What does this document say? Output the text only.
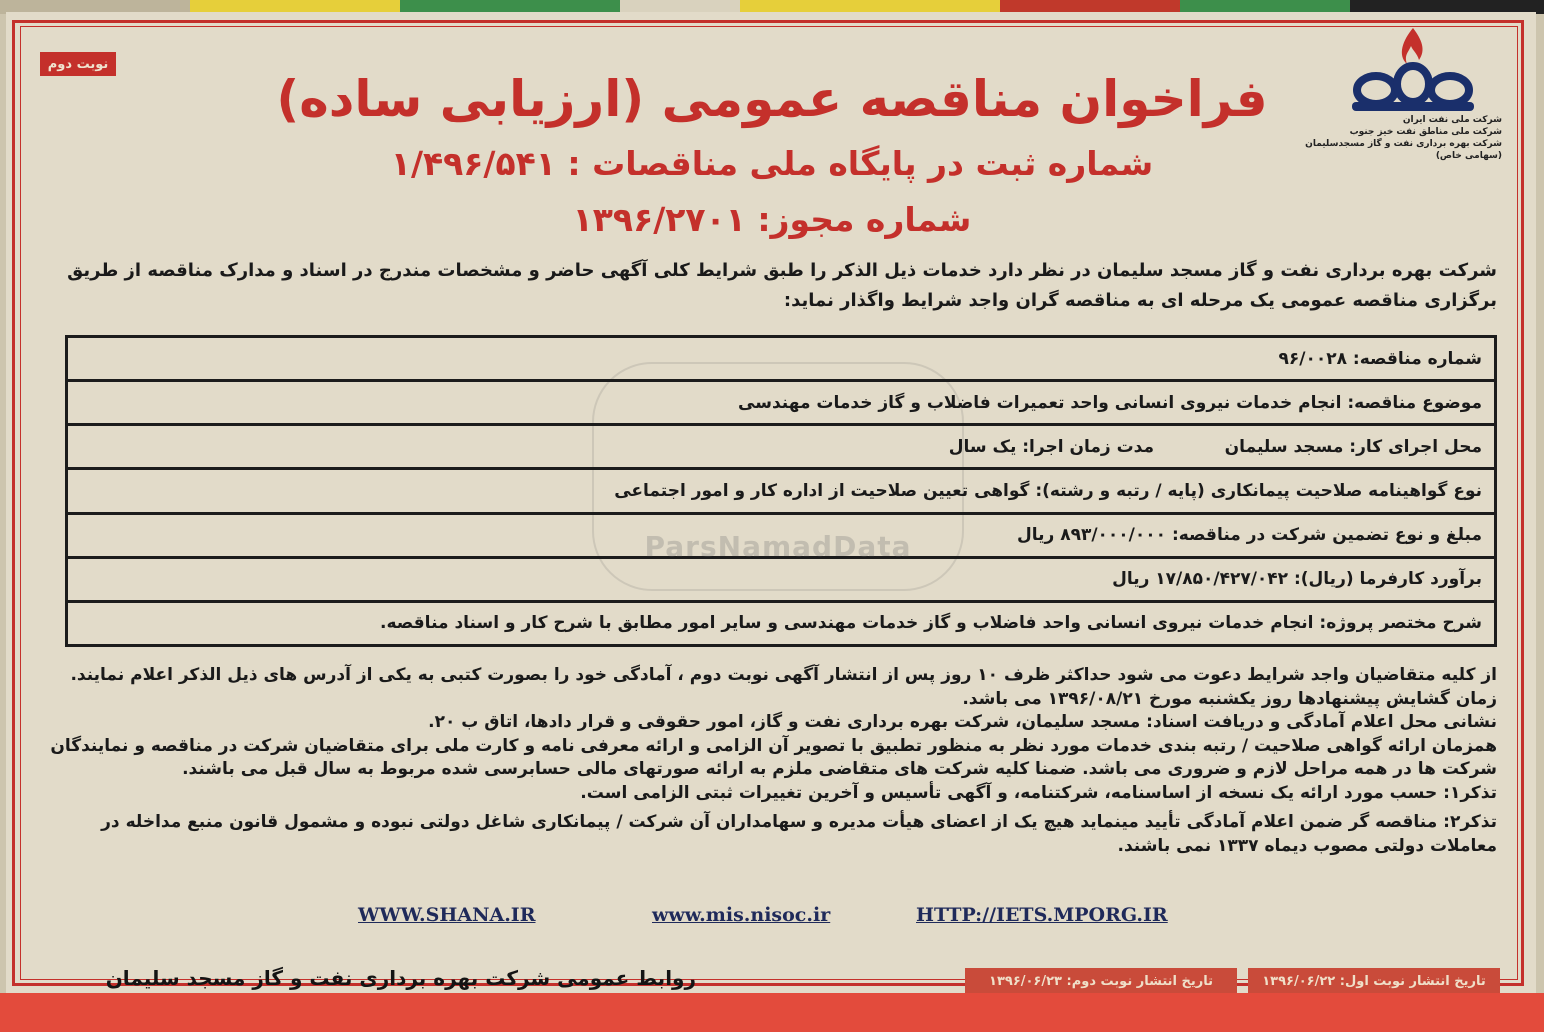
نوبت دوم
شرکت ملی نفت ایران
شرکت ملی مناطق نفت خیز جنوب
شرکت بهره برداری نفت و گاز مسجدسلیمان
(سهامی خاص)
فراخوان مناقصه عمومی (ارزیابی ساده)
شماره ثبت در پایگاه ملی مناقصات : ۱/۴۹۶/۵۴۱
شماره مجوز: ۱۳۹۶/۲۷۰۱

شرکت بهره برداری نفت و گاز مسجد سلیمان در نظر دارد خدمات ذیل الذکر را طبق شرایط کلی آگهی حاضر و مشخصات مندرج در اسناد و مدارک مناقصه از طریق برگزاری مناقصه عمومی یک مرحله ای به مناقصه گران واجد شرایط واگذار نماید:

شماره مناقصه: ۹۶/۰۰۲۸
موضوع مناقصه: انجام خدمات نیروی انسانی واحد تعمیرات فاضلاب و گاز خدمات مهندسی
محل اجرای کار: مسجد سلیمان
مدت زمان اجرا: یک سال
نوع گواهینامه صلاحیت پیمانکاری (پایه / رتبه و رشته): گواهی تعیین صلاحیت از اداره کار و امور اجتماعی
مبلغ و نوع تضمین شرکت در مناقصه: ۸۹۳/۰۰۰/۰۰۰ ریال
برآورد کارفرما (ریال): ۱۷/۸۵۰/۴۲۷/۰۴۲ ریال
شرح مختصر پروژه: انجام خدمات نیروی انسانی واحد فاضلاب و گاز خدمات مهندسی و سایر امور مطابق با شرح کار و اسناد مناقصه.
ParsNamadData

از کلیه متقاضیان واجد شرایط دعوت می شود حداکثر ظرف ۱۰ روز پس از انتشار آگهی نوبت دوم ، آمادگی خود را بصورت کتبی به یکی از آدرس های ذیل الذکر اعلام نمایند.

زمان گشایش پیشنهادها روز یکشنبه مورخ ۱۳۹۶/۰۸/۲۱ می باشد.

نشانی محل اعلام آمادگی و دریافت اسناد: مسجد سلیمان، شرکت بهره برداری نفت و گاز، امور حقوقی و قرار دادها، اتاق ب ۲۰.

همزمان ارائه گواهی صلاحیت / رتبه بندی خدمات مورد نظر به منظور تطبیق با تصویر آن الزامی و ارائه معرفی نامه و کارت ملی برای متقاضیان شرکت در مناقصه و نمایندگان شرکت ها در همه مراحل لازم و ضروری می باشد. ضمنا کلیه شرکت های متقاضی ملزم به ارائه صورتهای مالی حسابرسی شده مربوط به سال قبل می باشند.

تذکر۱: حسب مورد ارائه یک نسخه از اساسنامه، شرکتنامه، و آگهی تأسیس و آخرین تغییرات ثبتی الزامی است.

تذکر۲: مناقصه گر ضمن اعلام آمادگی تأیید مینماید هیچ یک از اعضای هیأت مدیره و سهامداران آن شرکت / پیمانکاری شاغل دولتی نبوده و مشمول قانون منبع مداخله در معاملات دولتی مصوب دیماه ۱۳۳۷ نمی باشند.

WWW.SHANA.IR	www.mis.nisoc.ir	HTTP://IETS.MPORG.IR
روابط عمومی شرکت بهره برداری نفت و گاز مسجد سلیمان	تاریخ انتشار نوبت دوم: ۱۳۹۶/۰۶/۲۳	تاریخ انتشار نوبت اول: ۱۳۹۶/۰۶/۲۲
